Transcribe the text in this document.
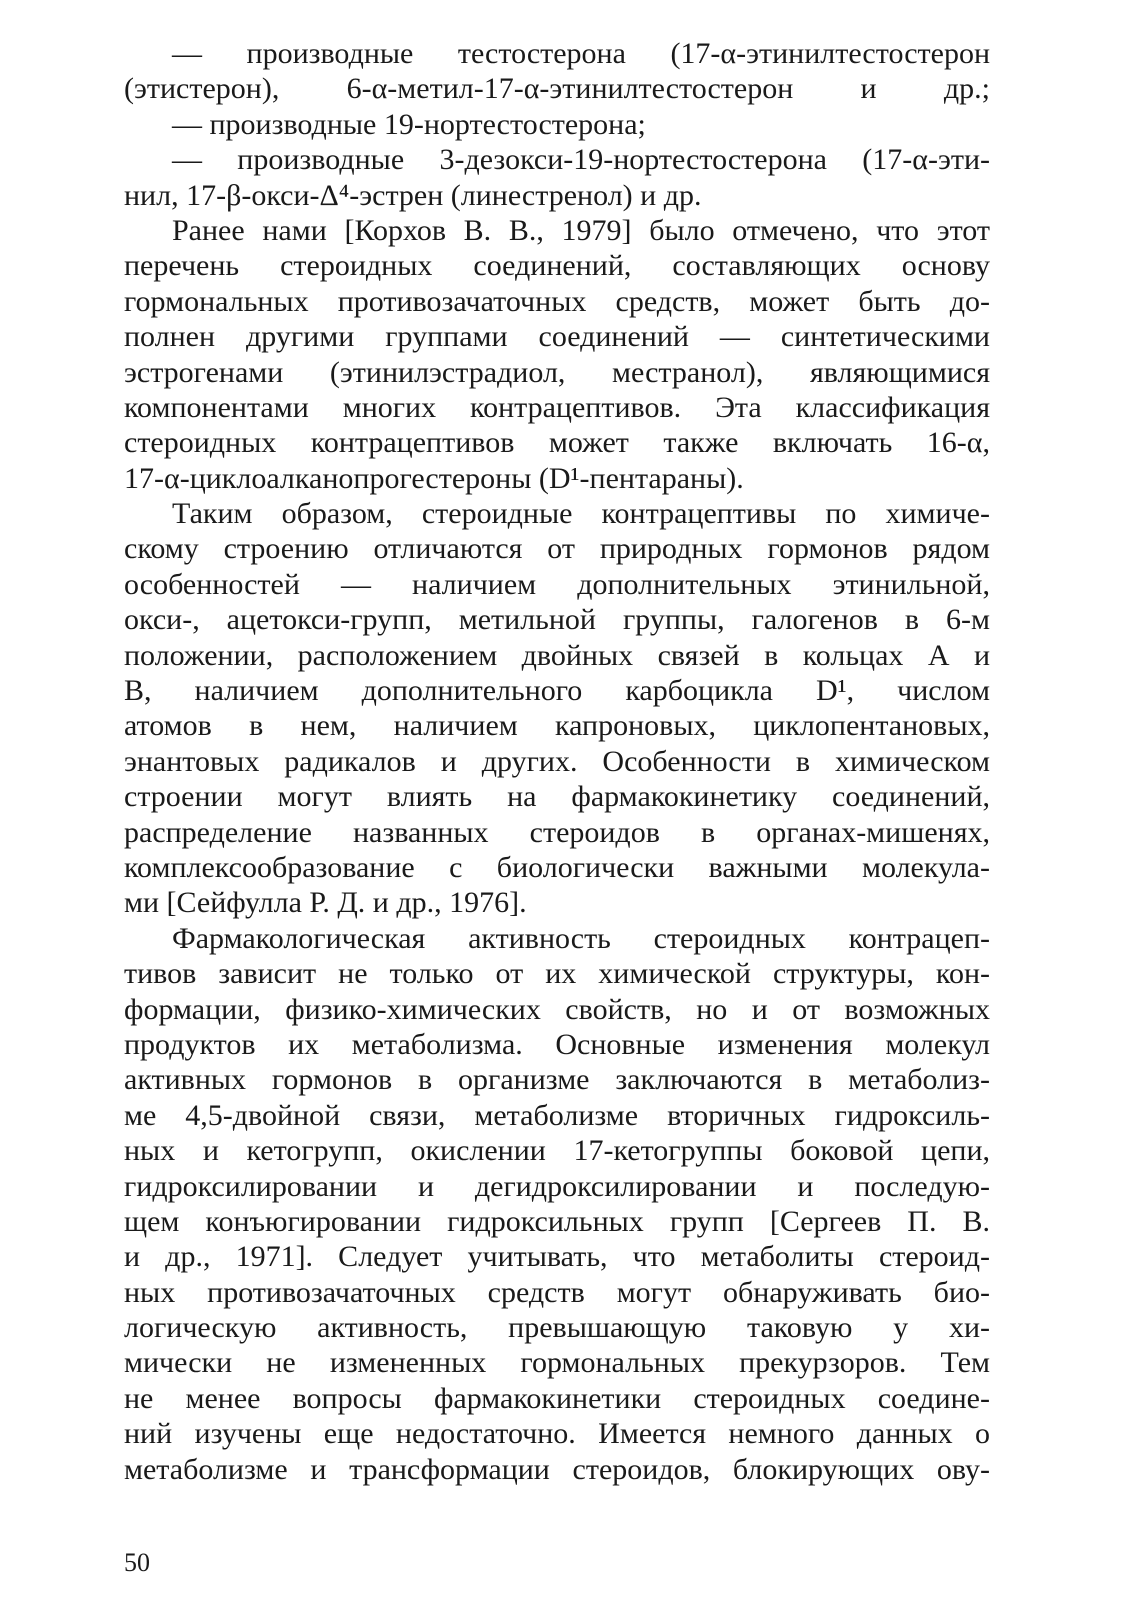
— производные тестостерона (17-α-этинилтестостерон
(этистерон), 6-α-метил-17-α-этинилтестостерон и др.;
— производные 19-нортестостерона;
— производные 3-дезокси-19-нортестостерона (17-α-эти-
нил, 17-β-окси-Δ⁴-эстрен (линестренол) и др.
Ранее нами [Корхов В. В., 1979] было отмечено, что этот
перечень стероидных соединений, составляющих основу
гормональных противозачаточных средств, может быть до-
полнен другими группами соединений — синтетическими
эстрогенами (этинилэстрадиол, местранол), являющимися
компонентами многих контрацептивов. Эта классификация
стероидных контрацептивов может также включать 16-α,
17-α-циклоалканопрогестероны (D¹-пентараны).
Таким образом, стероидные контрацептивы по химиче-
скому строению отличаются от природных гормонов рядом
особенностей — наличием дополнительных этинильной,
окси-, ацетокси-групп, метильной группы, галогенов в 6-м
положении, расположением двойных связей в кольцах А и
В, наличием дополнительного карбоцикла D¹, числом
атомов в нем, наличием капроновых, циклопентановых,
энантовых радикалов и других. Особенности в химическом
строении могут влиять на фармакокинетику соединений,
распределение названных стероидов в органах-мишенях,
комплексообразование с биологически важными молекула-
ми [Сейфулла Р. Д. и др., 1976].
Фармакологическая активность стероидных контрацеп-
тивов зависит не только от их химической структуры, кон-
формации, физико-химических свойств, но и от возможных
продуктов их метаболизма. Основные изменения молекул
активных гормонов в организме заключаются в метаболиз-
ме 4,5-двойной связи, метаболизме вторичных гидроксиль-
ных и кетогрупп, окислении 17-кетогруппы боковой цепи,
гидроксилировании и дегидроксилировании и последую-
щем конъюгировании гидроксильных групп [Сергеев П. В.
и др., 1971]. Следует учитывать, что метаболиты стероид-
ных противозачаточных средств могут обнаруживать био-
логическую активность, превышающую таковую у хи-
мически не измененных гормональных прекурзоров. Тем
не менее вопросы фармакокинетики стероидных соедине-
ний изучены еще недостаточно. Имеется немного данных о
метаболизме и трансформации стероидов, блокирующих ову-
50
